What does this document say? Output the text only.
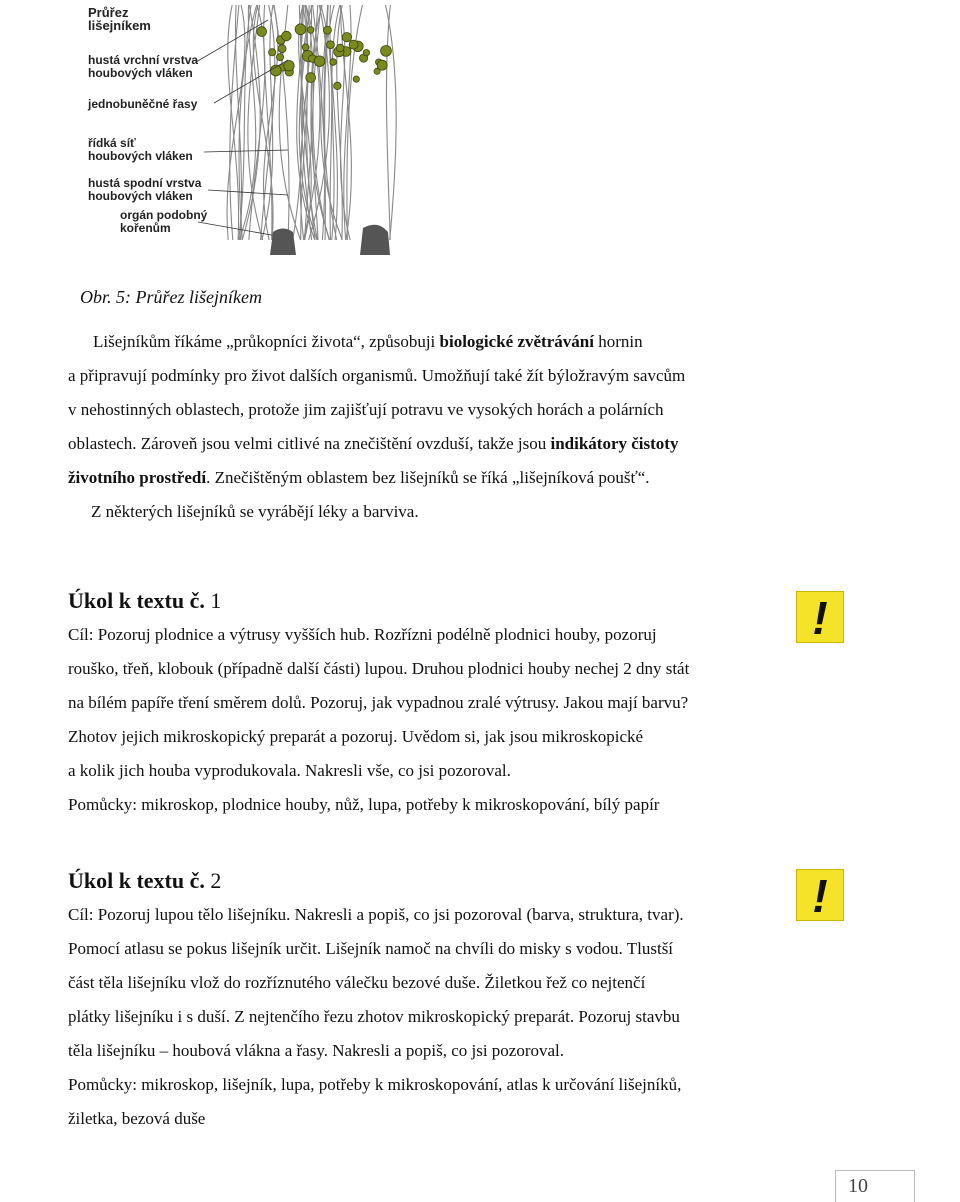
Průřez
lišejníkem
hustá vrchní vrstva
houbových vláken
jednobuněčné řasy
řídká síť
houbových vláken
hustá spodní vrstva
houbových vláken
orgán podobný
kořenům
Obr. 5: Průřez lišejníkem
Lišejníkům říkáme „průkopníci života“, způsobuji biologické zvětrávání hornin
a připravují podmínky pro život dalších organismů. Umožňují také žít býložravým savcům
v nehostinných oblastech, protože jim zajišťují potravu ve vysokých horách a polárních
oblastech. Zároveň jsou velmi citlivé na znečištění ovzduší, takže jsou indikátory čistoty
životního prostředí. Znečištěným oblastem bez lišejníků se říká „lišejníková poušť“.
Z některých lišejníků se vyrábějí léky a barviva.
Úkol k textu č. 1	!
Cíl: Pozoruj plodnice a výtrusy vyšších hub. Rozřízni podélně plodnici houby, pozoruj
rouško, třeň, klobouk (případně další části) lupou. Druhou plodnici houby nechej 2 dny stát
na bílém papíře tření směrem dolů. Pozoruj, jak vypadnou zralé výtrusy. Jakou mají barvu?
Zhotov jejich mikroskopický preparát a pozoruj. Uvědom si, jak jsou mikroskopické
a kolik jich houba vyprodukovala. Nakresli vše, co jsi pozoroval.
Pomůcky: mikroskop, plodnice houby, nůž, lupa, potřeby k mikroskopování, bílý papír
Úkol k textu č. 2	!
Cíl: Pozoruj lupou tělo lišejníku. Nakresli a popiš, co jsi pozoroval (barva, struktura, tvar).
Pomocí atlasu se pokus lišejník určit. Lišejník namoč na chvíli do misky s vodou. Tlustší
část těla lišejníku vlož do rozříznutého válečku bezové duše. Žiletkou řež co nejtenčí
plátky lišejníku i s duší. Z nejtenčího řezu zhotov mikroskopický preparát. Pozoruj stavbu
těla lišejníku – houbová vlákna a řasy. Nakresli a popiš, co jsi pozoroval.
Pomůcky: mikroskop, lišejník, lupa, potřeby k mikroskopování, atlas k určování lišejníků,
žiletka, bezová duše
10
